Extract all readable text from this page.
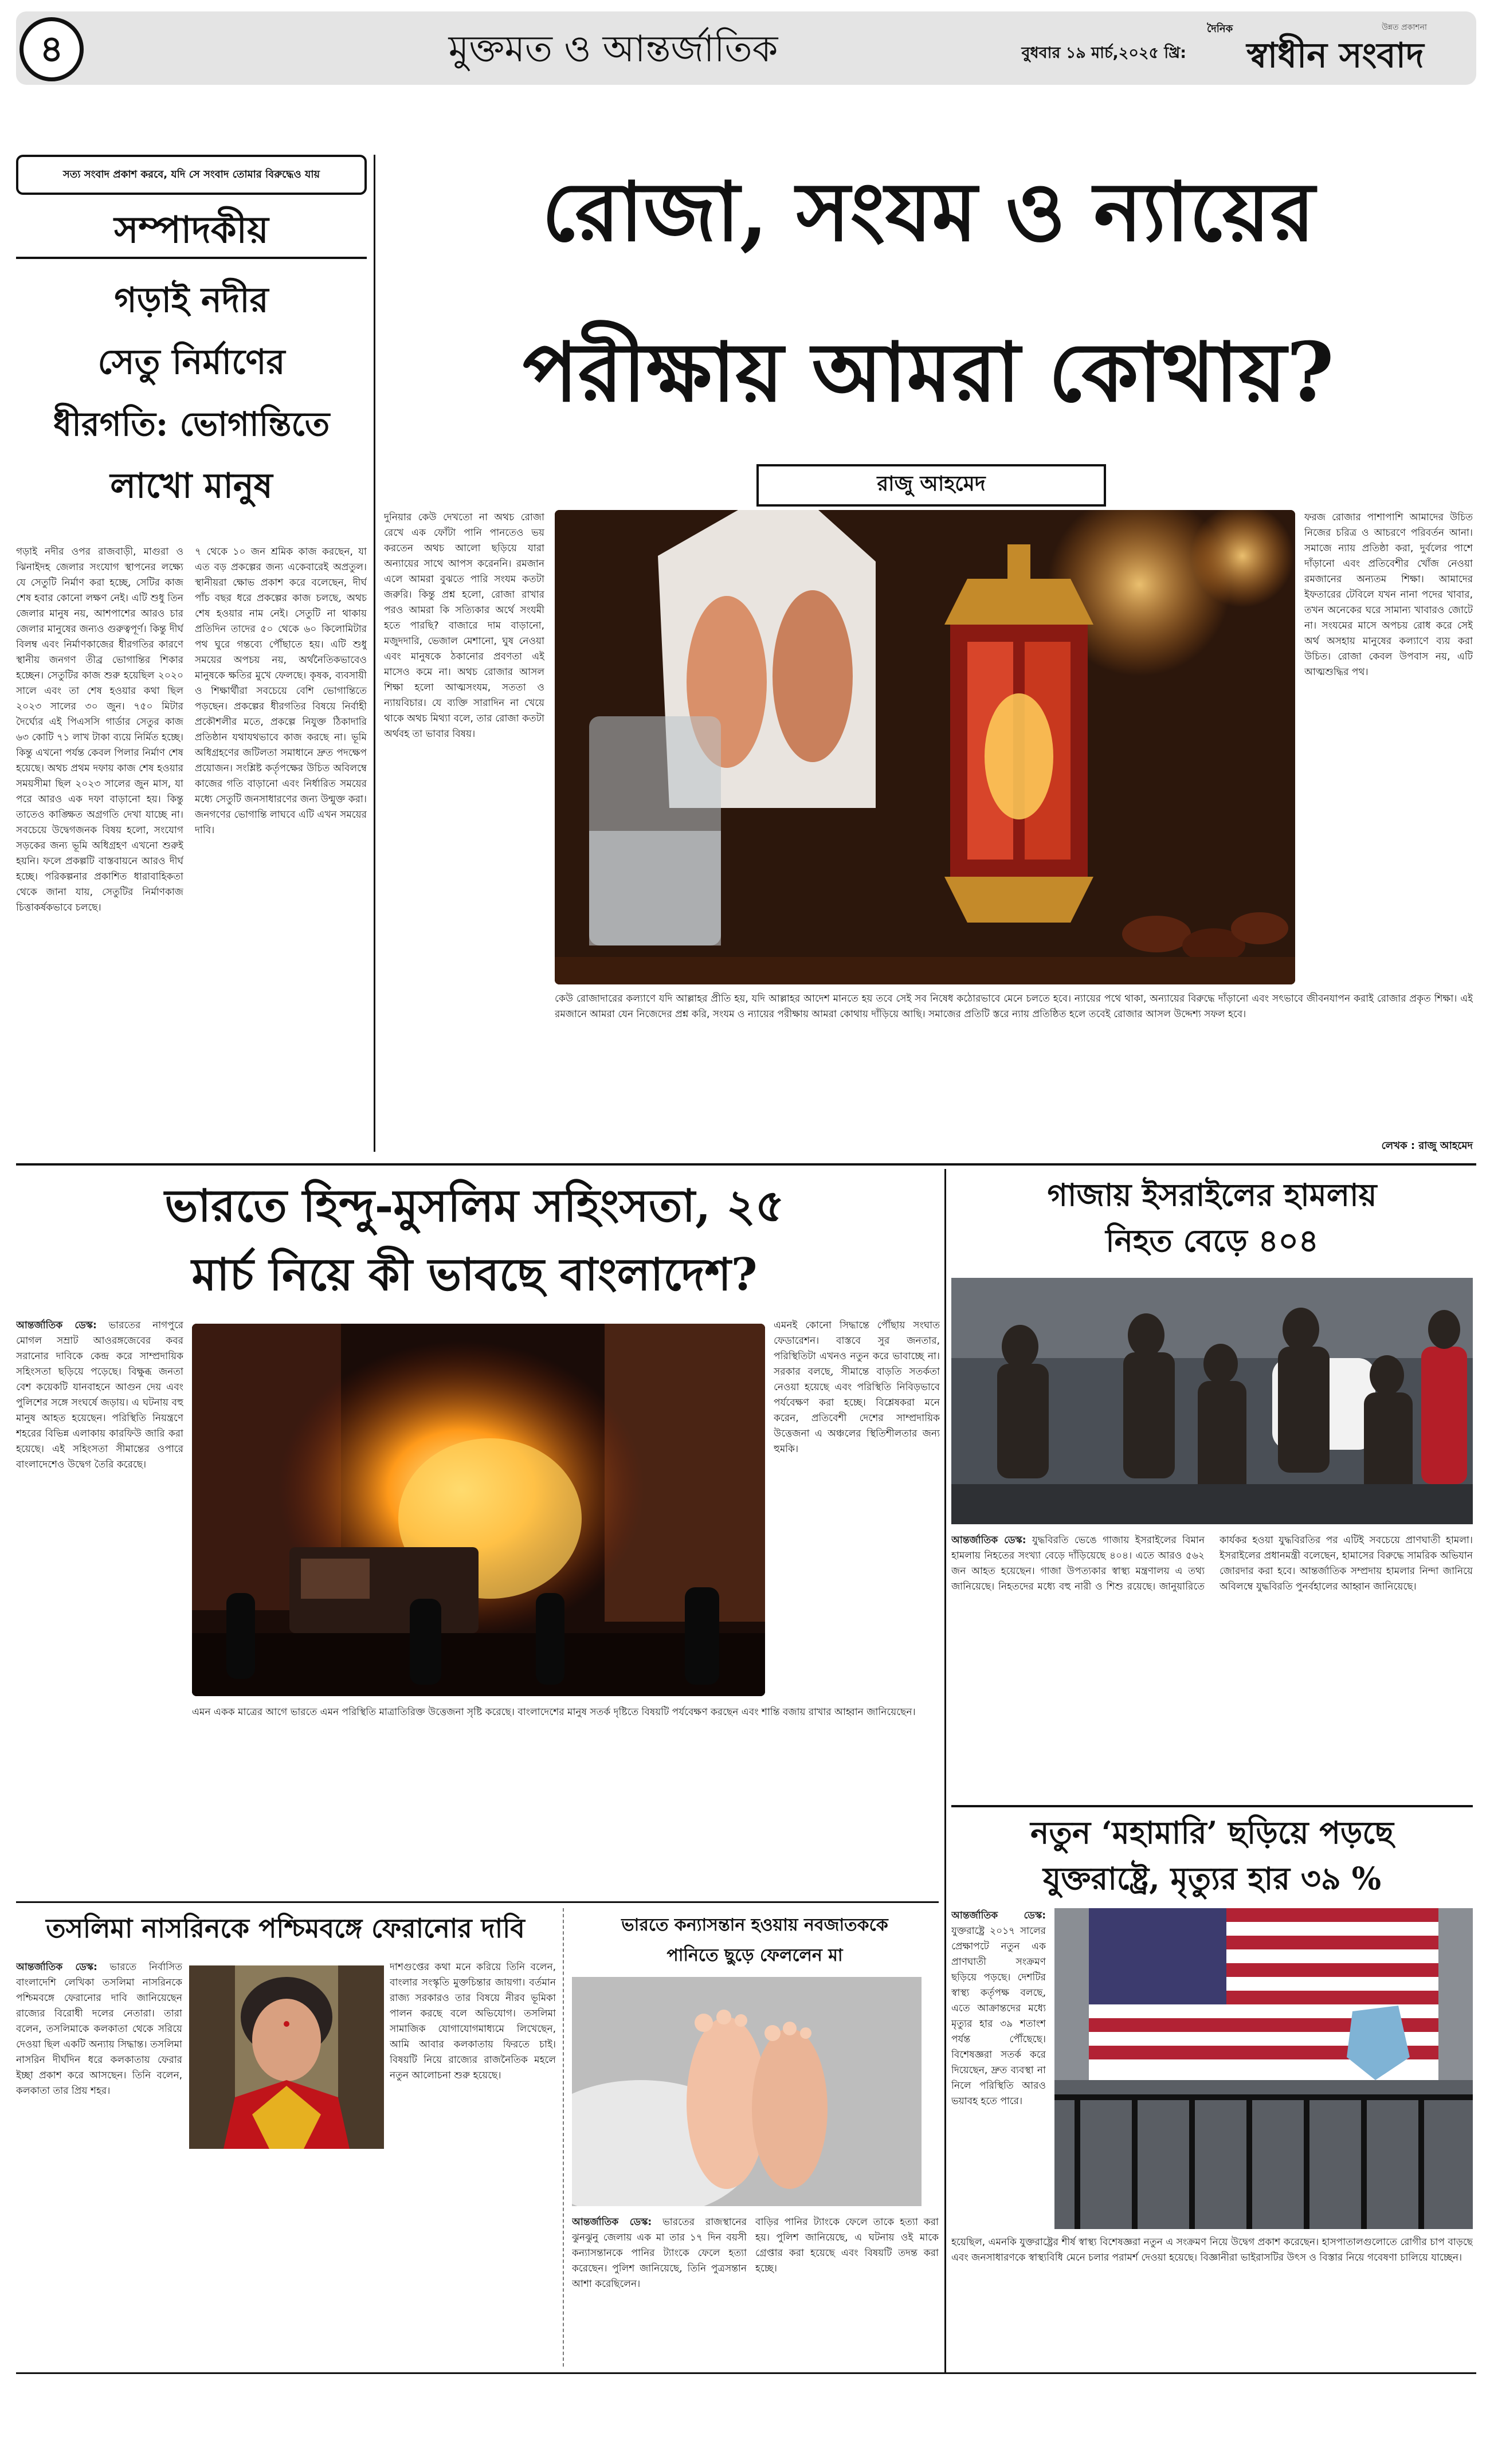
৪	মুক্তমত ও আন্তর্জাতিক	বুধবার ১৯ মার্চ,২০২৫ খ্রি:
দৈনিক	উন্নত প্রকাশনা
স্বাধীন সংবাদ
সত্য সংবাদ প্রকাশ করবে, যদি সে সংবাদ তোমার বিরুদ্ধেও যায়
সম্পাদকীয়
গড়াই নদীর
সেতু নির্মাণের
ধীরগতি: ভোগান্তিতে
লাখো মানুষ
গড়াই নদীর ওপর রাজবাড়ী, মাগুরা ও ঝিনাইদহ জেলার সংযোগ স্থাপনের লক্ষ্যে যে সেতুটি নির্মাণ করা হচ্ছে, সেটির কাজ শেষ হবার কোনো লক্ষণ নেই। এটি শুধু তিন জেলার মানুষ নয়, আশপাশের আরও চার জেলার মানুষের জন্যও গুরুত্বপূর্ণ। কিন্তু দীর্ঘ বিলম্ব এবং নির্মাণকাজের ধীরগতির কারণে স্থানীয় জনগণ তীব্র ভোগান্তির শিকার হচ্ছেন। সেতুটির কাজ শুরু হয়েছিল ২০২০ সালে এবং তা শেষ হওয়ার কথা ছিল ২০২৩ সালের ৩০ জুন। ৭৫০ মিটার দৈর্ঘ্যের এই পিএসসি গার্ডার সেতুর কাজ ৬৩ কোটি ৭১ লাখ টাকা ব্যয়ে নির্মিত হচ্ছে। কিন্তু এখনো পর্যন্ত কেবল পিলার নির্মাণ শেষ হয়েছে। অথচ প্রথম দফায় কাজ শেষ হওয়ার সময়সীমা ছিল ২০২৩ সালের জুন মাস, যা পরে আরও এক দফা বাড়ানো হয়। কিন্তু তাতেও কাঙ্ক্ষিত অগ্রগতি দেখা যাচ্ছে না। সবচেয়ে উদ্বেগজনক বিষয় হলো, সংযোগ সড়কের জন্য ভূমি অধিগ্রহণ এখনো শুরুই হয়নি। ফলে প্রকল্পটি বাস্তবায়নে আরও দীর্ঘ হচ্ছে। পরিকল্পনার প্রকাশিত ধারাবাহিকতা থেকে জানা যায়, সেতুটির নির্মাণকাজ চিত্তাকর্ষকভাবে চলছে।
৭ থেকে ১০ জন শ্রমিক কাজ করছেন, যা এত বড় প্রকল্পের জন্য একেবারেই অপ্রতুল। স্থানীয়রা ক্ষোভ প্রকাশ করে বলেছেন, দীর্ঘ পাঁচ বছর ধরে প্রকল্পের কাজ চলছে, অথচ শেষ হওয়ার নাম নেই। সেতুটি না থাকায় প্রতিদিন তাদের ৫০ থেকে ৬০ কিলোমিটার পথ ঘুরে গন্তব্যে পৌঁছাতে হয়। এটি শুধু সময়ের অপচয় নয়, অর্থনৈতিকভাবেও মানুষকে ক্ষতির মুখে ফেলছে। কৃষক, ব্যবসায়ী ও শিক্ষার্থীরা সবচেয়ে বেশি ভোগান্তিতে পড়ছেন। প্রকল্পের ধীরগতির বিষয়ে নির্বাহী প্রকৌশলীর মতে, প্রকল্পে নিযুক্ত ঠিকাদারি প্রতিষ্ঠান যথাযথভাবে কাজ করছে না। ভূমি অধিগ্রহণের জটিলতা সমাধানে দ্রুত পদক্ষেপ প্রয়োজন। সংশ্লিষ্ট কর্তৃপক্ষের উচিত অবিলম্বে কাজের গতি বাড়ানো এবং নির্ধারিত সময়ের মধ্যে সেতুটি জনসাধারণের জন্য উন্মুক্ত করা। জনগণের ভোগান্তি লাঘবে এটি এখন সময়ের দাবি।
রোজা, সংযম ও ন্যায়ের
পরীক্ষায় আমরা কোথায়?
রাজু আহমেদ
দুনিয়ার কেউ দেখতো না অথচ রোজা রেখে এক ফোঁটা পানি পানতেও ভয় করতেন অথচ আলো ছড়িয়ে যারা অন্যায়ের সাথে আপস করেননি। রমজান এলে আমরা বুঝতে পারি সংযম কতটা জরুরি। কিন্তু প্রশ্ন হলো, রোজা রাখার পরও আমরা কি সত্যিকার অর্থে সংযমী হতে পারছি? বাজারে দাম বাড়ানো, মজুদদারি, ভেজাল মেশানো, ঘুষ নেওয়া এবং মানুষকে ঠকানোর প্রবণতা এই মাসেও কমে না। অথচ রোজার আসল শিক্ষা হলো আত্মসংযম, সততা ও ন্যায়বিচার। যে ব্যক্তি সারাদিন না খেয়ে থাকে অথচ মিথ্যা বলে, তার রোজা কতটা অর্থবহ তা ভাবার বিষয়।
ফরজ রোজার পাশাপাশি আমাদের উচিত নিজের চরিত্র ও আচরণে পরিবর্তন আনা। সমাজে ন্যায় প্রতিষ্ঠা করা, দুর্বলের পাশে দাঁড়ানো এবং প্রতিবেশীর খোঁজ নেওয়া রমজানের অন্যতম শিক্ষা। আমাদের ইফতারের টেবিলে যখন নানা পদের খাবার, তখন অনেকের ঘরে সামান্য খাবারও জোটে না। সংযমের মাসে অপচয় রোধ করে সেই অর্থ অসহায় মানুষের কল্যাণে ব্যয় করা উচিত। রোজা কেবল উপবাস নয়, এটি আত্মশুদ্ধির পথ।
কেউ রোজাদারের কল্যাণে যদি আল্লাহর প্রীতি হয়, যদি আল্লাহর আদেশ মানতে হয় তবে সেই সব নিষেধ কঠোরভাবে মেনে চলতে হবে। ন্যায়ের পথে থাকা, অন্যায়ের বিরুদ্ধে দাঁড়ানো এবং সৎভাবে জীবনযাপন করাই রোজার প্রকৃত শিক্ষা। এই রমজানে আমরা যেন নিজেদের প্রশ্ন করি, সংযম ও ন্যায়ের পরীক্ষায় আমরা কোথায় দাঁড়িয়ে আছি। সমাজের প্রতিটি স্তরে ন্যায় প্রতিষ্ঠিত হলে তবেই রোজার আসল উদ্দেশ্য সফল হবে।
লেখক : রাজু আহমেদ
ভারতে হিন্দু-মুসলিম সহিংসতা, ২৫
মার্চ নিয়ে কী ভাবছে বাংলাদেশ?
আন্তর্জাতিক ডেস্ক: ভারতের নাগপুরে মোগল সম্রাট আওরঙ্গজেবের কবর সরানোর দাবিকে কেন্দ্র করে সাম্প্রদায়িক সহিংসতা ছড়িয়ে পড়েছে। বিক্ষুব্ধ জনতা বেশ কয়েকটি যানবাহনে আগুন দেয় এবং পুলিশের সঙ্গে সংঘর্ষে জড়ায়। এ ঘটনায় বহু মানুষ আহত হয়েছেন। পরিস্থিতি নিয়ন্ত্রণে শহরের বিভিন্ন এলাকায় কারফিউ জারি করা হয়েছে। এই সহিংসতা সীমান্তের ওপারে বাংলাদেশেও উদ্বেগ তৈরি করেছে।
এমনই কোনো সিদ্ধান্তে পৌঁছায় সংঘাত ফেডারেশন। বাস্তবে সুর জনতার, পরিস্থিতিটা এখনও নতুন করে ভাবাচ্ছে না। সরকার বলছে, সীমান্তে বাড়তি সতর্কতা নেওয়া হয়েছে এবং পরিস্থিতি নিবিড়ভাবে পর্যবেক্ষণ করা হচ্ছে। বিশ্লেষকরা মনে করেন, প্রতিবেশী দেশের সাম্প্রদায়িক উত্তেজনা এ অঞ্চলের স্থিতিশীলতার জন্য হুমকি।
এমন একক মাত্রের আগে ভারতে এমন পরিস্থিতি মাত্রাতিরিক্ত উত্তেজনা সৃষ্টি করেছে। বাংলাদেশের মানুষ সতর্ক দৃষ্টিতে বিষয়টি পর্যবেক্ষণ করছেন এবং শান্তি বজায় রাখার আহ্বান জানিয়েছেন।
গাজায় ইসরাইলের হামলায়
নিহত বেড়ে ৪০৪
আন্তর্জাতিক ডেস্ক: যুদ্ধবিরতি ভেঙে গাজায় ইসরাইলের বিমান হামলায় নিহতের সংখ্যা বেড়ে দাঁড়িয়েছে ৪০৪। এতে আরও ৫৬২ জন আহত হয়েছেন। গাজা উপত্যকার স্বাস্থ্য মন্ত্রণালয় এ তথ্য জানিয়েছে। নিহতদের মধ্যে বহু নারী ও শিশু রয়েছে। জানুয়ারিতে কার্যকর হওয়া যুদ্ধবিরতির পর এটিই সবচেয়ে প্রাণঘাতী হামলা। ইসরাইলের প্রধানমন্ত্রী বলেছেন, হামাসের বিরুদ্ধে সামরিক অভিযান জোরদার করা হবে। আন্তর্জাতিক সম্প্রদায় হামলার নিন্দা জানিয়ে অবিলম্বে যুদ্ধবিরতি পুনর্বহালের আহ্বান জানিয়েছে।
নতুন ‘মহামারি’ ছড়িয়ে পড়ছে
যুক্তরাষ্ট্রে, মৃত্যুর হার ৩৯ %
আন্তর্জাতিক ডেস্ক: যুক্তরাষ্ট্রে ২০১৭ সালের প্রেক্ষাপটে নতুন এক প্রাণঘাতী সংক্রমণ ছড়িয়ে পড়ছে। দেশটির স্বাস্থ্য কর্তৃপক্ষ বলছে, এতে আক্রান্তদের মধ্যে মৃত্যুর হার ৩৯ শতাংশ পর্যন্ত পৌঁছেছে। বিশেষজ্ঞরা সতর্ক করে দিয়েছেন, দ্রুত ব্যবস্থা না নিলে পরিস্থিতি আরও ভয়াবহ হতে পারে।
হয়েছিল, এমনকি যুক্তরাষ্ট্রের শীর্ষ স্বাস্থ্য বিশেষজ্ঞরা নতুন এ সংক্রমণ নিয়ে উদ্বেগ প্রকাশ করেছেন। হাসপাতালগুলোতে রোগীর চাপ বাড়ছে এবং জনসাধারণকে স্বাস্থ্যবিধি মেনে চলার পরামর্শ দেওয়া হয়েছে। বিজ্ঞানীরা ভাইরাসটির উৎস ও বিস্তার নিয়ে গবেষণা চালিয়ে যাচ্ছেন।
তসলিমা নাসরিনকে পশ্চিমবঙ্গে ফেরানোর দাবি
আন্তর্জাতিক ডেস্ক: ভারতে নির্বাসিত বাংলাদেশি লেখিকা তসলিমা নাসরিনকে পশ্চিমবঙ্গে ফেরানোর দাবি জানিয়েছেন রাজ্যের বিরোধী দলের নেতারা। তারা বলেন, তসলিমাকে কলকাতা থেকে সরিয়ে দেওয়া ছিল একটি অন্যায় সিদ্ধান্ত। তসলিমা নাসরিন দীর্ঘদিন ধরে কলকাতায় ফেরার ইচ্ছা প্রকাশ করে আসছেন। তিনি বলেন, কলকাতা তার প্রিয় শহর।
দাশগুপ্তের কথা মনে করিয়ে তিনি বলেন, বাংলার সংস্কৃতি মুক্তচিন্তার জায়গা। বর্তমান রাজ্য সরকারও তার বিষয়ে নীরব ভূমিকা পালন করছে বলে অভিযোগ। তসলিমা সামাজিক যোগাযোগমাধ্যমে লিখেছেন, আমি আবার কলকাতায় ফিরতে চাই। বিষয়টি নিয়ে রাজ্যের রাজনৈতিক মহলে নতুন আলোচনা শুরু হয়েছে।
ভারতে কন্যাসন্তান হওয়ায় নবজাতককে
পানিতে ছুড়ে ফেললেন মা
আন্তর্জাতিক ডেস্ক: ভারতের রাজস্থানের ঝুনঝুনু জেলায় এক মা তার ১৭ দিন বয়সী কন্যাসন্তানকে পানির ট্যাংকে ফেলে হত্যা করেছেন। পুলিশ জানিয়েছে, তিনি পুত্রসন্তান আশা করেছিলেন।
বাড়ির পানির ট্যাংকে ফেলে তাকে হত্যা করা হয়। পুলিশ জানিয়েছে, এ ঘটনায় ওই মাকে গ্রেপ্তার করা হয়েছে এবং বিষয়টি তদন্ত করা হচ্ছে।
